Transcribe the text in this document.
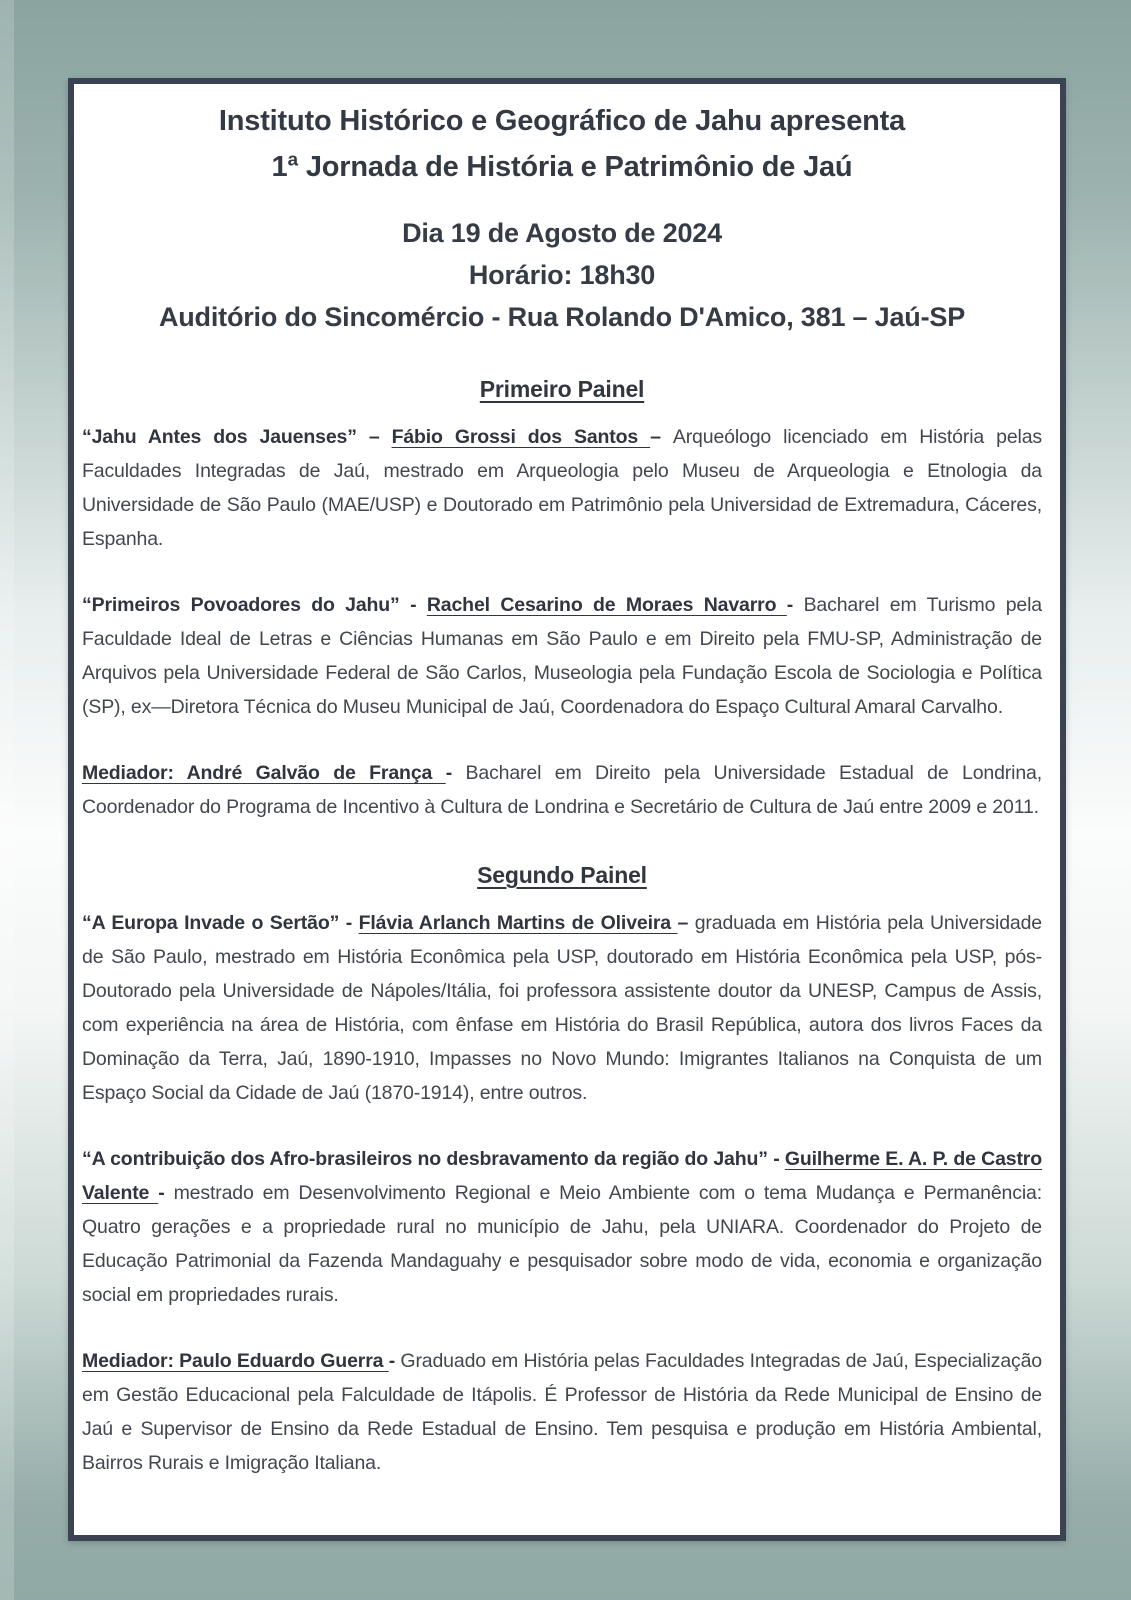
Instituto Histórico e Geográfico de Jahu apresenta
1ª Jornada de História e Patrimônio de Jaú
Dia 19 de Agosto de 2024
Horário: 18h30
Auditório do Sincomércio - Rua Rolando D'Amico, 381 – Jaú-SP
Primeiro Painel

“Jahu Antes dos Jauenses” – Fábio Grossi dos Santos – Arqueólogo licenciado em História pelas Faculdades Integradas de Jaú, mestrado em Arqueologia pelo Museu de Arqueologia e Etnologia da Universidade de São Paulo (MAE/USP) e Doutorado em Patrimônio pela Universidad de Extremadura, Cáceres, Espanha.

“Primeiros Povoadores do Jahu” - Rachel Cesarino de Moraes Navarro - Bacharel em Turismo pela Faculdade Ideal de Letras e Ciências Humanas em São Paulo e em Direito pela FMU-SP, Administração de Arquivos pela Universidade Federal de São Carlos, Museologia pela Fundação Escola de Sociologia e Política (SP), ex—Diretora Técnica do Museu Municipal de Jaú, Coordenadora do Espaço Cultural Amaral Carvalho.

Mediador: André Galvão de França - Bacharel em Direito pela Universidade Estadual de Londrina, Coordenador do Programa de Incentivo à Cultura de Londrina e Secretário de Cultura de Jaú entre 2009 e 2011.

Segundo Painel

“A Europa Invade o Sertão” - Flávia Arlanch Martins de Oliveira – graduada em História pela Universidade de São Paulo, mestrado em História Econômica pela USP, doutorado em História Econômica pela USP, pós-Doutorado pela Universidade de Nápoles/Itália, foi professora assistente doutor da UNESP, Campus de Assis, com experiência na área de História, com ênfase em História do Brasil República, autora dos livros Faces da Dominação da Terra, Jaú, 1890-1910, Impasses no Novo Mundo: Imigrantes Italianos na Conquista de um Espaço Social da Cidade de Jaú (1870-1914), entre outros.

“A contribuição dos Afro-brasileiros no desbravamento da região do Jahu” - Guilherme E. A. P. de Castro Valente - mestrado em Desenvolvimento Regional e Meio Ambiente com o tema Mudança e Permanência: Quatro gerações e a propriedade rural no município de Jahu, pela UNIARA. Coordenador do Projeto de Educação Patrimonial da Fazenda Mandaguahy e pesquisador sobre modo de vida, economia e organização social em propriedades rurais.

Mediador: Paulo Eduardo Guerra - Graduado em História pelas Faculdades Integradas de Jaú, Especialização em Gestão Educacional pela Falculdade de Itápolis. É Professor de História da Rede Municipal de Ensino de Jaú e Supervisor de Ensino da Rede Estadual de Ensino. Tem pesquisa e produção em História Ambiental, Bairros Rurais e Imigração Italiana.
